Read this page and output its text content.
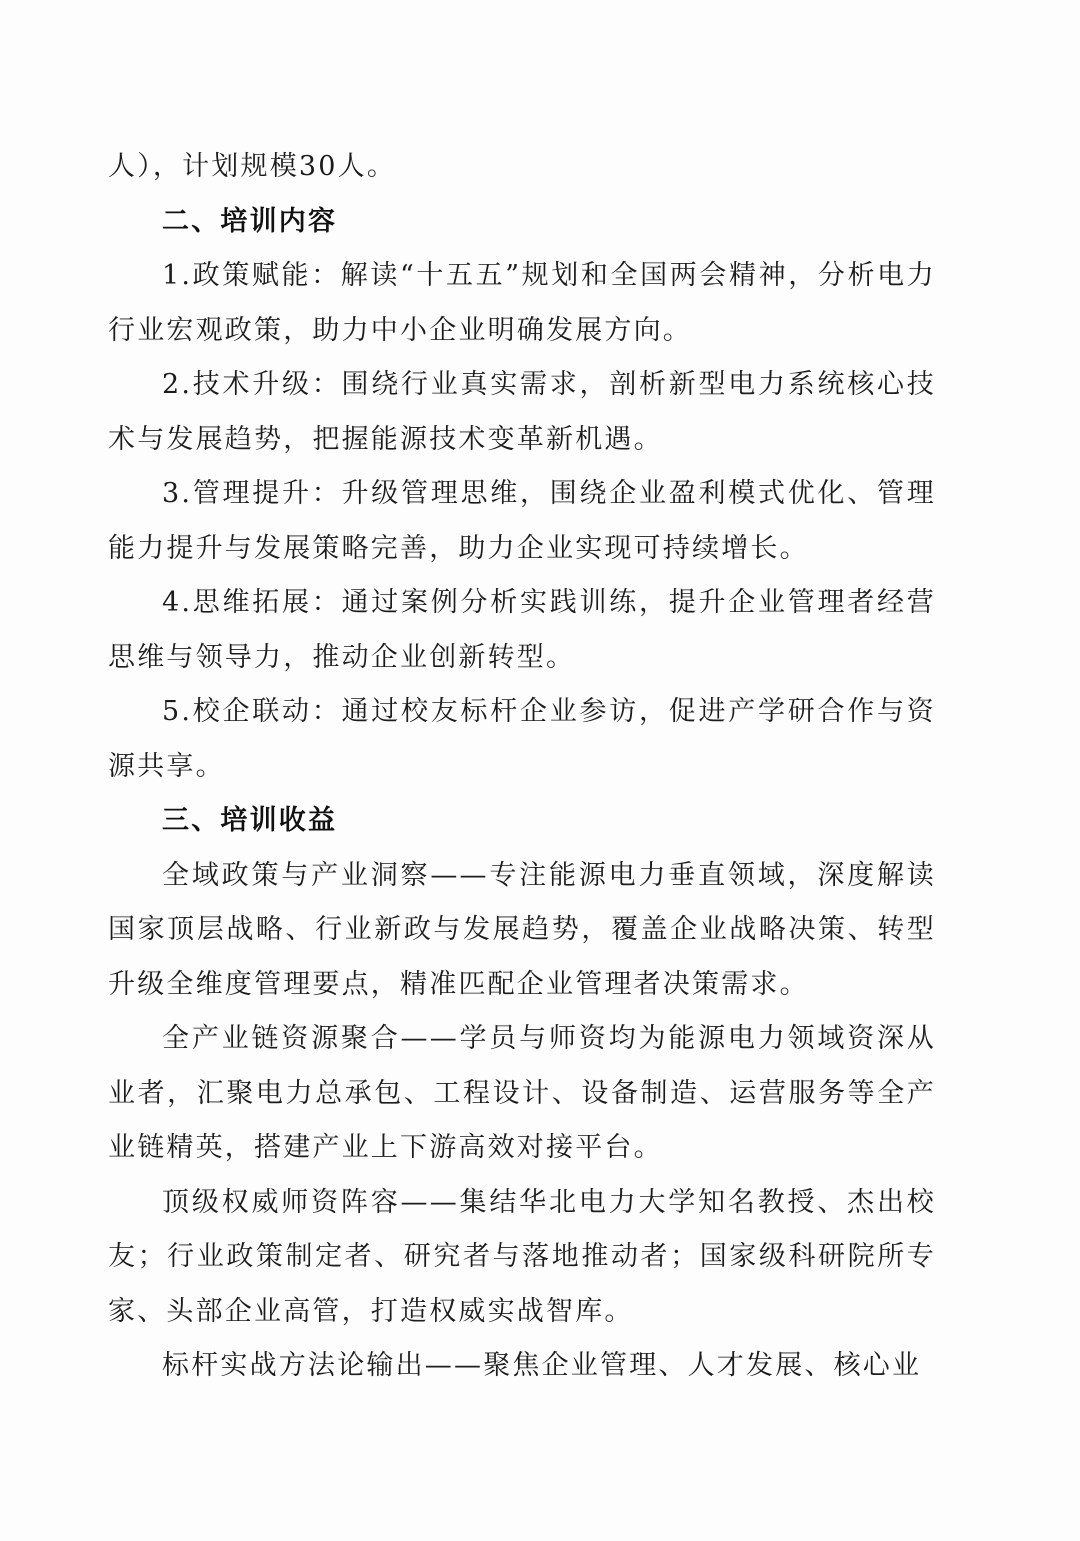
人），计划规模30人。

二、培训内容

1.政策赋能：解读“十五五”规划和全国两会精神，分析电力行业宏观政策，助力中小企业明确发展方向。

2.技术升级：围绕行业真实需求，剖析新型电力系统核心技术与发展趋势，把握能源技术变革新机遇。

3.管理提升：升级管理思维，围绕企业盈利模式优化、管理能力提升与发展策略完善，助力企业实现可持续增长。

4.思维拓展：通过案例分析实践训练，提升企业管理者经营思维与领导力，推动企业创新转型。

5.校企联动：通过校友标杆企业参访，促进产学研合作与资源共享。

三、培训收益

全域政策与产业洞察——专注能源电力垂直领域，深度解读国家顶层战略、行业新政与发展趋势，覆盖企业战略决策、转型升级全维度管理要点，精准匹配企业管理者决策需求。

全产业链资源聚合——学员与师资均为能源电力领域资深从业者，汇聚电力总承包、工程设计、设备制造、运营服务等全产业链精英，搭建产业上下游高效对接平台。

顶级权威师资阵容——集结华北电力大学知名教授、杰出校友；行业政策制定者、研究者与落地推动者；国家级科研院所专家、头部企业高管，打造权威实战智库。

标杆实战方法论输出——聚焦企业管理、人才发展、核心业
